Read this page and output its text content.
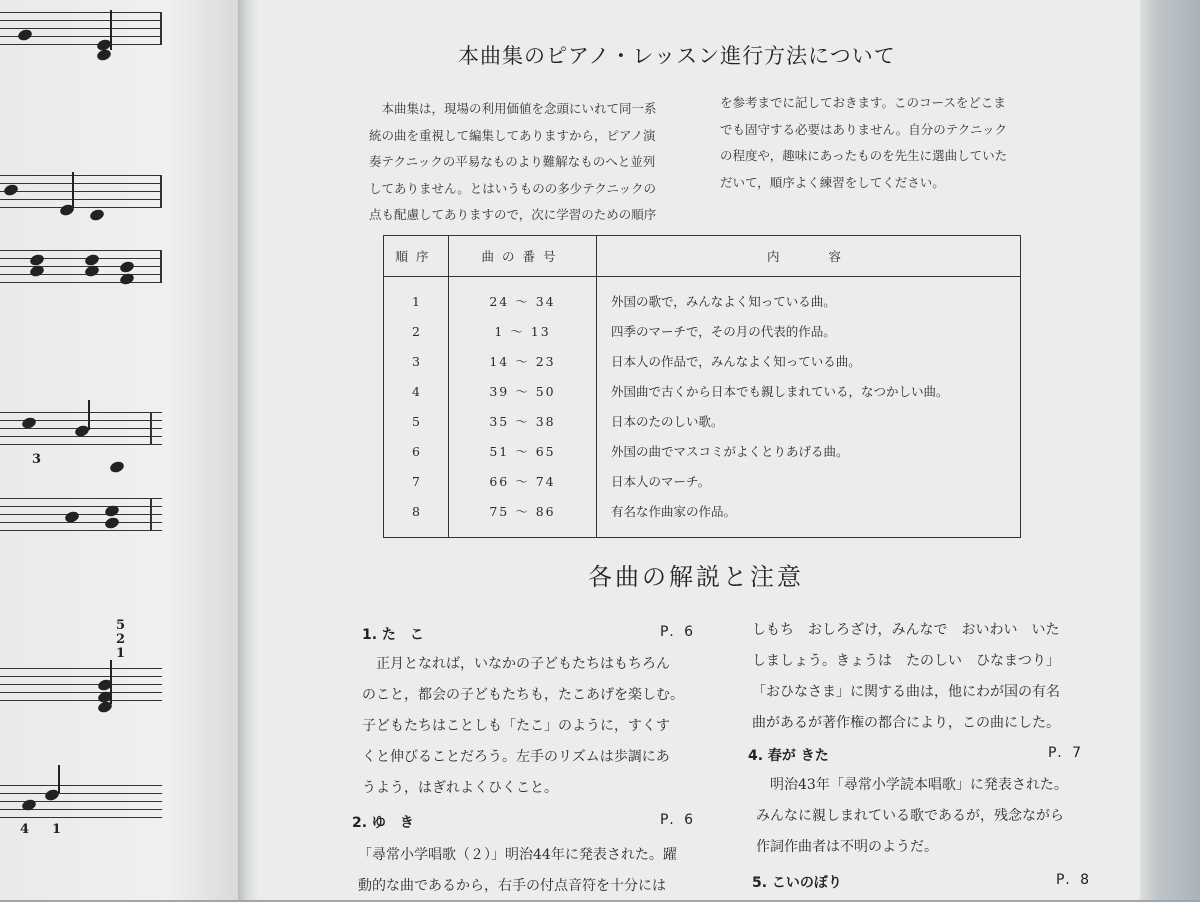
3
5
2
1
4 1
本曲集のピアノ・レッスン進行方法について

　本曲集は，現場の利用価値を念頭にいれて同一系
統の曲を重視して編集してありますから，ピアノ演
奏テクニックの平易なものより難解なものへと並列
してありません。とはいうものの多少テクニックの
点も配慮してありますので，次に学習のための順序

を参考までに記しておきます。このコースをどこま
でも固守する必要はありません。自分のテクニック
の程度や，趣味にあったものを先生に選曲していた
だいて，順序よく練習をしてください。

順序	曲の番号	内　　容
1	24 ～ 34	外国の歌で，みんなよく知っている曲。
2	1 ～ 13	四季のマーチで，その月の代表的作品。
3	14 ～ 23	日本人の作品で，みんなよく知っている曲。
4	39 ～ 50	外国曲で古くから日本でも親しまれている，なつかしい曲。
5	35 ～ 38	日本のたのしい歌。
6	51 ～ 65	外国の曲でマスコミがよくとりあげる曲。
7	66 ～ 74	日本人のマーチ。
8	75 ～ 86	有名な作曲家の作品。
各曲の解説と注意
1. た　こ	P. 6

正月となれば，いなかの子どもたちはもちろん
のこと，都会の子どもたちも，たこあげを楽しむ。
子どもたちはことしも「たこ」のように，すくす
くと伸びることだろう。左手のリズムは歩調にあ
うよう，はぎれよくひくこと。

2. ゆ　き	P. 6

「尋常小学唱歌（２）」明治44年に発表された。躍
動的な曲であるから，右手の付点音符を十分には

しもち　おしろざけ，みんなで　おいわい　いた
しましょう。きょうは　たのしい　ひなまつり」
「おひなさま」に関する曲は，他にわが国の有名
曲があるが著作権の都合により，この曲にした。

4. 春が きた	P. 7

明治43年「尋常小学読本唱歌」に発表された。
みんなに親しまれている歌であるが，残念ながら
作詞作曲者は不明のようだ。

5. こいのぼり	P. 8
